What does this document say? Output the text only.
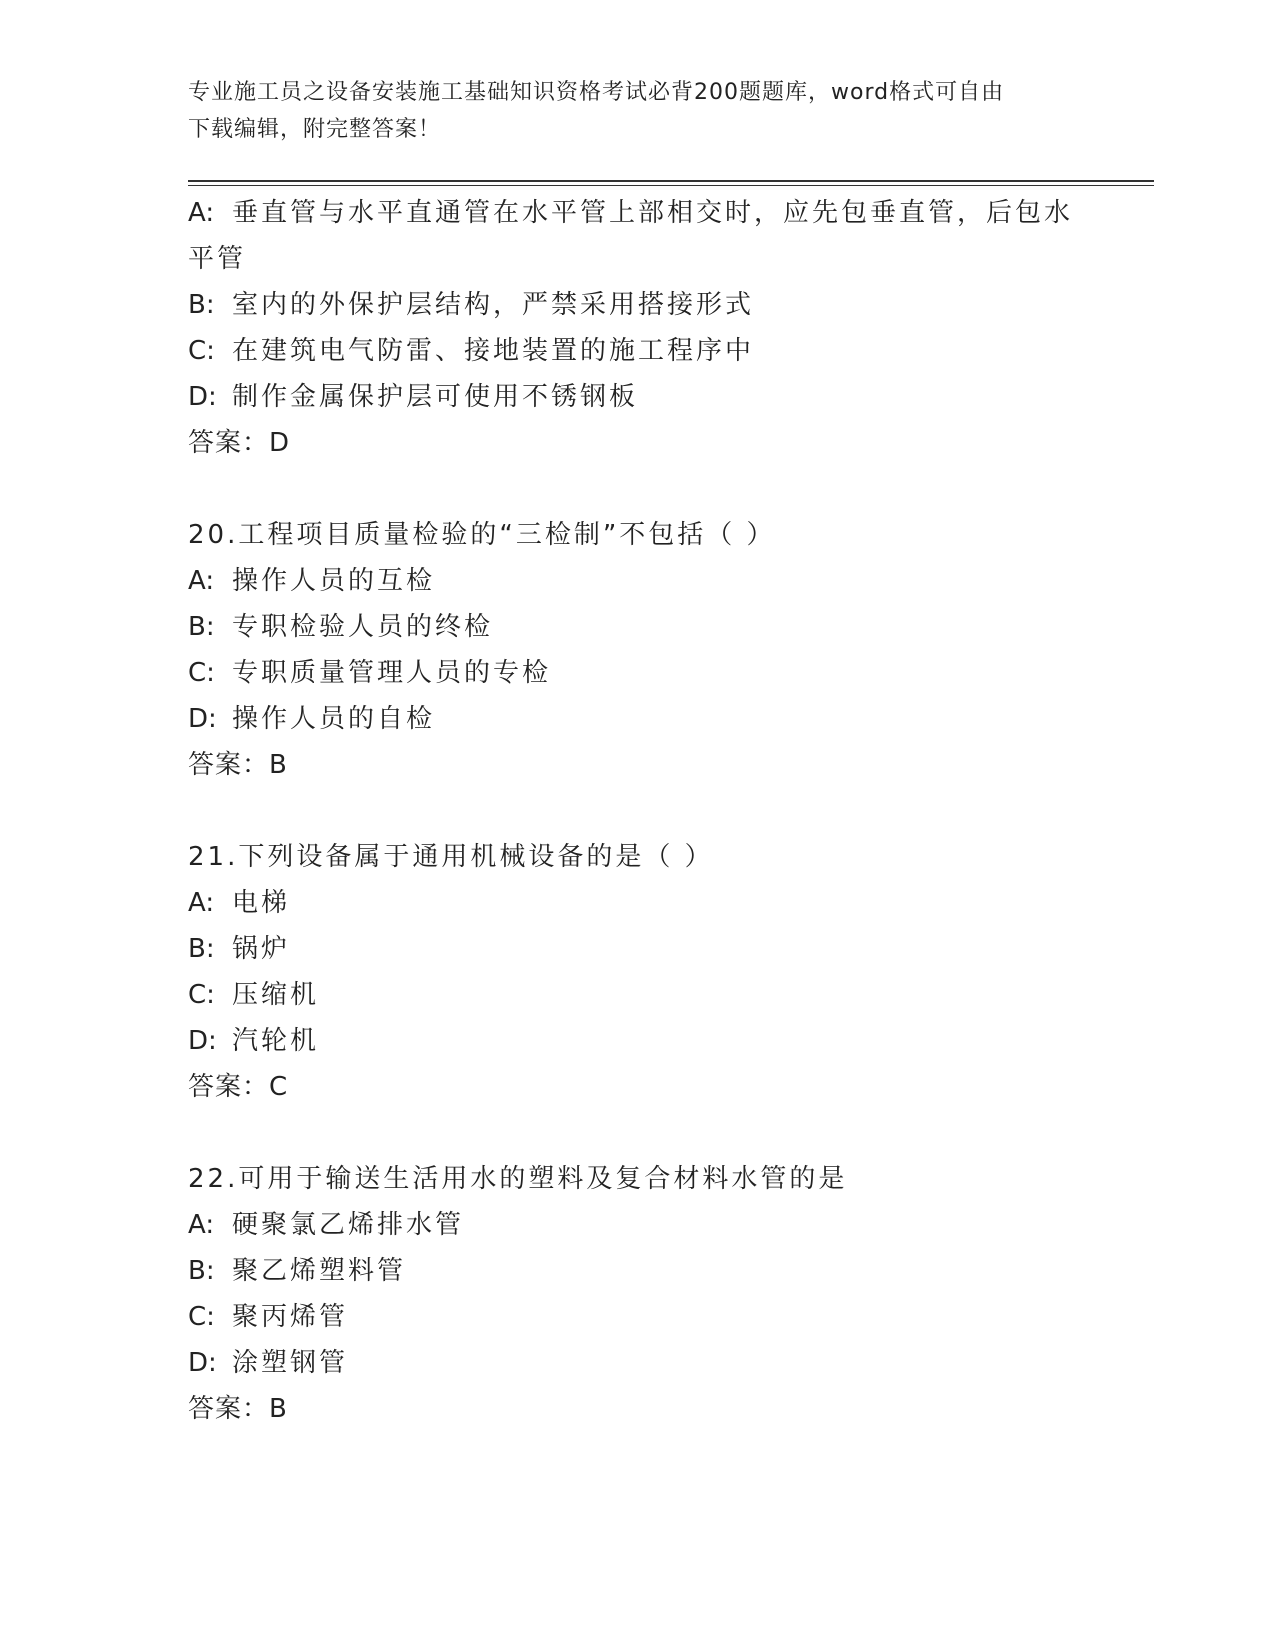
专业施工员之设备安装施工基础知识资格考试必背200题题库，word格式可自由
下载编辑，附完整答案！
A: 垂直管与水平直通管在水平管上部相交时，应先包垂直管，后包水
平管
B: 室内的外保护层结构，严禁采用搭接形式
C: 在建筑电气防雷、接地装置的施工程序中
D: 制作金属保护层可使用不锈钢板
答案：D
20.工程项目质量检验的“三检制”不包括（ ）
A: 操作人员的互检
B: 专职检验人员的终检
C: 专职质量管理人员的专检
D: 操作人员的自检
答案：B
21.下列设备属于通用机械设备的是（ ）
A: 电梯
B: 锅炉
C: 压缩机
D: 汽轮机
答案：C
22.可用于输送生活用水的塑料及复合材料水管的是
A: 硬聚氯乙烯排水管
B: 聚乙烯塑料管
C: 聚丙烯管
D: 涂塑钢管
答案：B
